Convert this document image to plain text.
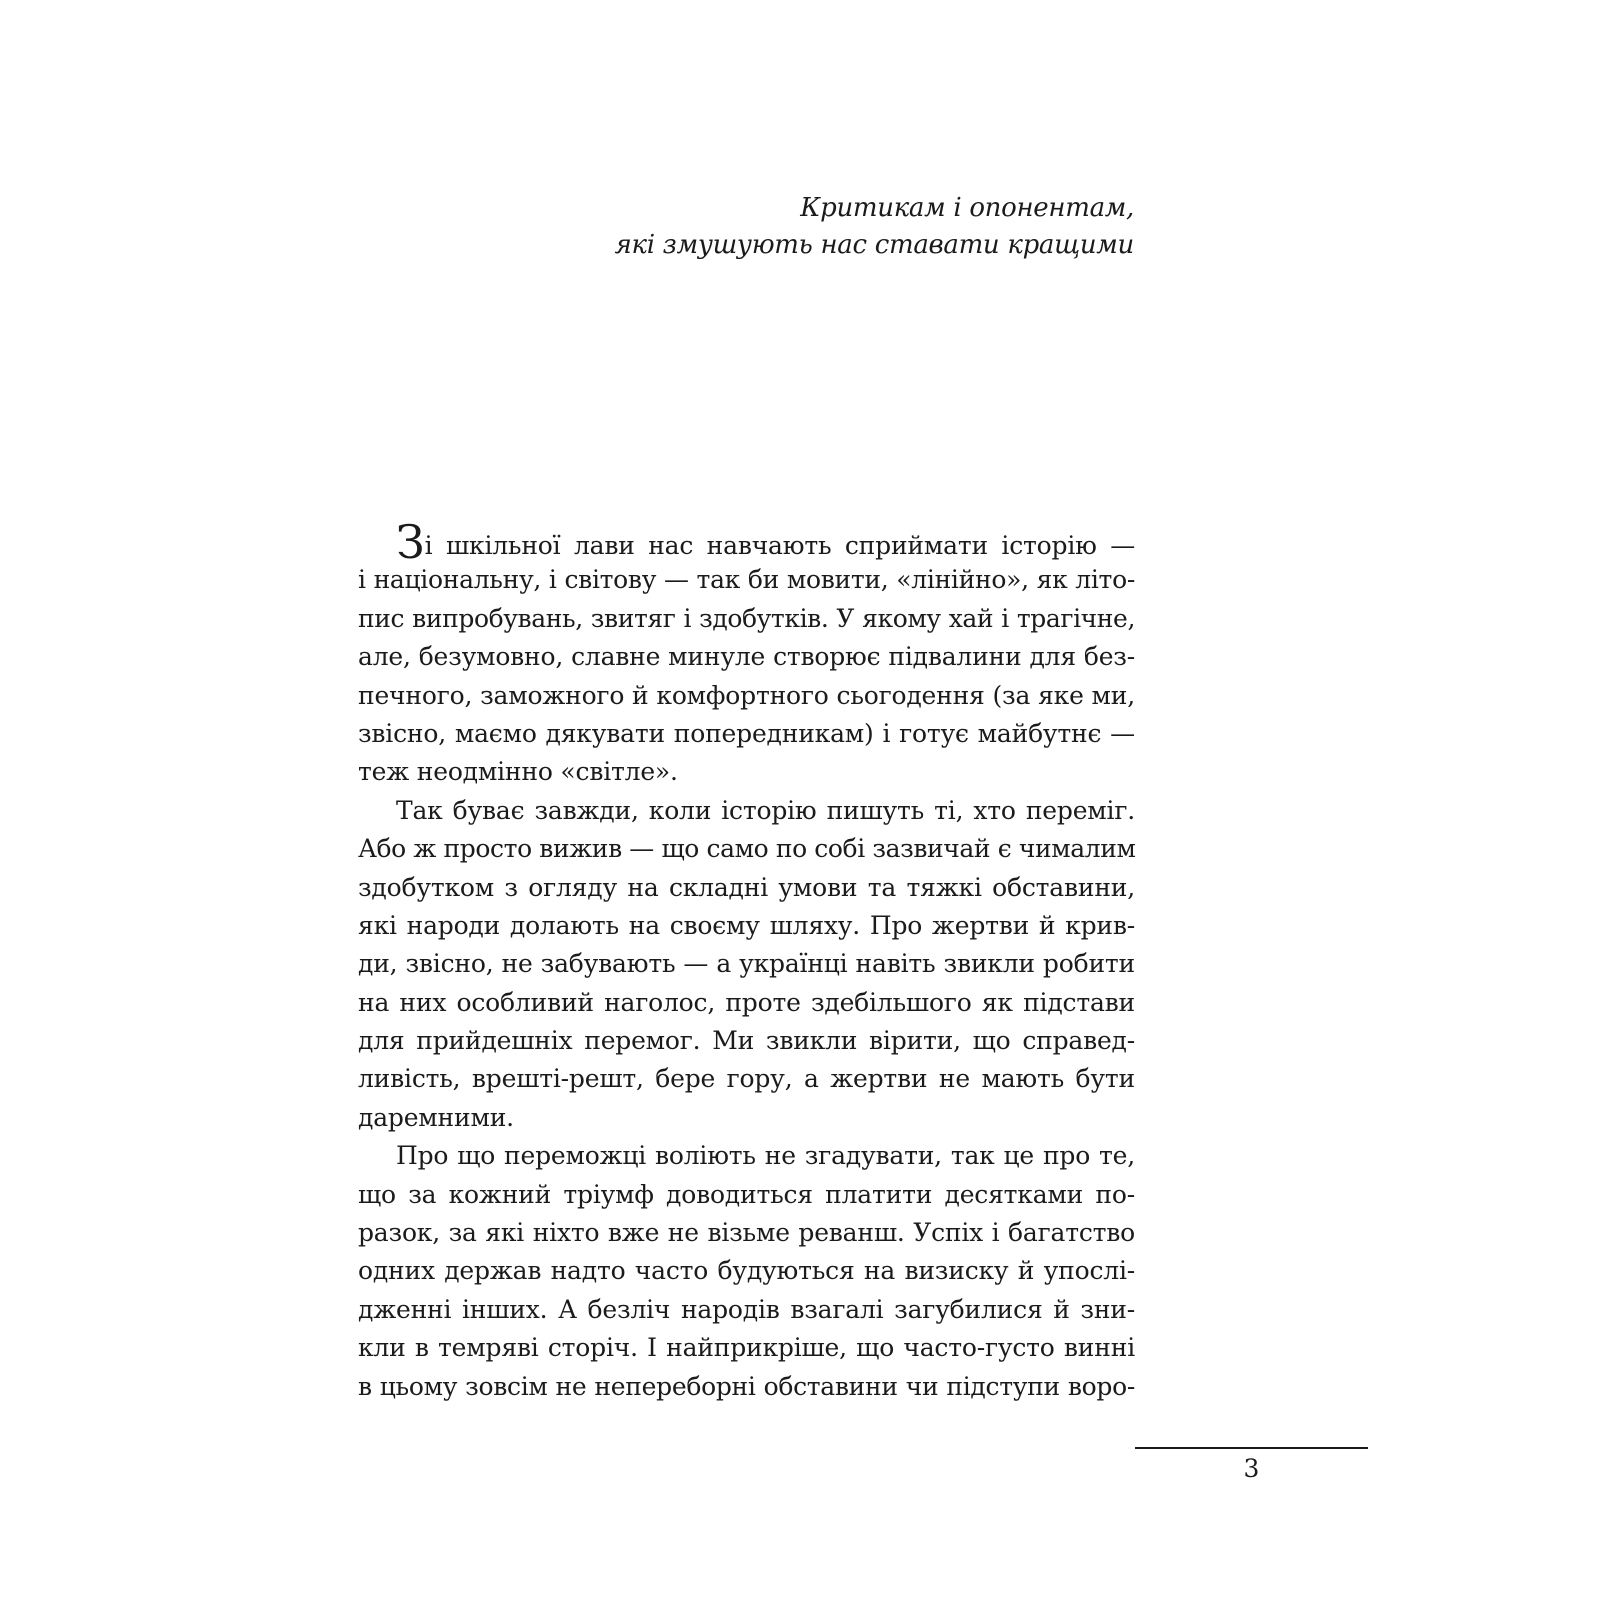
Критикам і опонентам,
які змушують нас ставати кращими
Зі шкільної лави нас навчають сприймати історію —
і національну, і світову — так би мовити, «лінійно», як літо-
пис випробувань, звитяг і здобутків. У якому хай і трагічне,
але, безумовно, славне минуле створює підвалини для без-
печного, заможного й комфортного сьогодення (за яке ми,
звісно, маємо дякувати попередникам) і готує майбутнє —
теж неодмінно «світле».
Так буває завжди, коли історію пишуть ті, хто переміг.
Або ж просто вижив — що само по собі зазвичай є чималим
здобутком з огляду на складні умови та тяжкі обставини,
які народи долають на своєму шляху. Про жертви й крив-
ди, звісно, не забувають — а українці навіть звикли робити
на них особливий наголос, проте здебільшого як підстави
для прийдешніх перемог. Ми звикли вірити, що справед-
ливість, врешті-решт, бере гору, а жертви не мають бути
даремними.
Про що переможці воліють не згадувати, так це про те,
що за кожний тріумф доводиться платити десятками по-
разок, за які ніхто вже не візьме реванш. Успіх і багатство
одних держав надто часто будуються на визиску й упослі-
дженні інших. А безліч народів взагалі загубилися й зни-
кли в темряві сторіч. І найприкріше, що часто-густо винні
в цьому зовсім не непереборні обставини чи підступи воро-
3
